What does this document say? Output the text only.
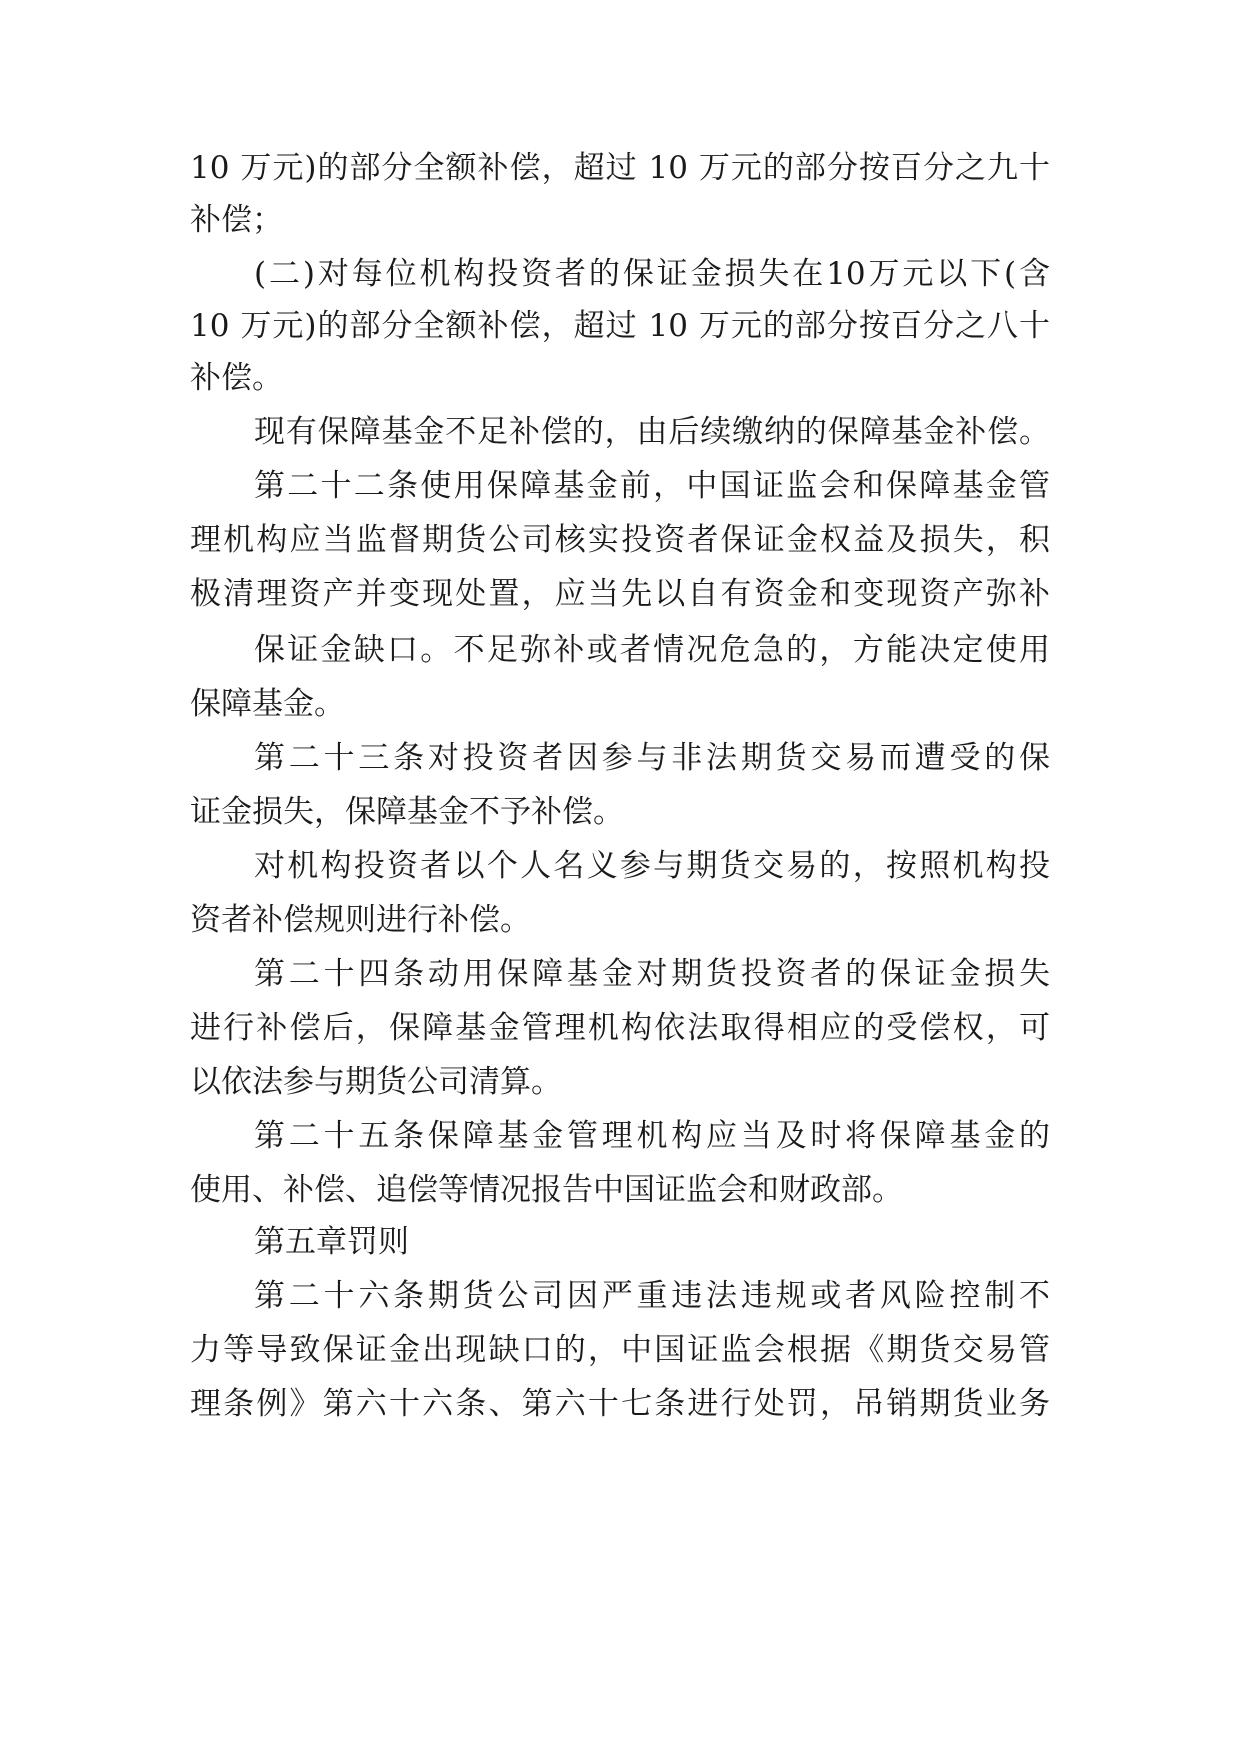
10 万元)的部分全额补偿，超过 10 万元的部分按百分之九十
补偿；
(二)对每位机构投资者的保证金损失在10万元以下(含
10 万元)的部分全额补偿，超过 10 万元的部分按百分之八十
补偿。
现有保障基金不足补偿的，由后续缴纳的保障基金补偿。
第二十二条使用保障基金前，中国证监会和保障基金管
理机构应当监督期货公司核实投资者保证金权益及损失，积
极清理资产并变现处置，应当先以自有资金和变现资产弥补
保证金缺口。不足弥补或者情况危急的，方能决定使用
保障基金。
第二十三条对投资者因参与非法期货交易而遭受的保
证金损失，保障基金不予补偿。
对机构投资者以个人名义参与期货交易的，按照机构投
资者补偿规则进行补偿。
第二十四条动用保障基金对期货投资者的保证金损失
进行补偿后，保障基金管理机构依法取得相应的受偿权，可
以依法参与期货公司清算。
第二十五条保障基金管理机构应当及时将保障基金的
使用、补偿、追偿等情况报告中国证监会和财政部。
第五章罚则
第二十六条期货公司因严重违法违规或者风险控制不
力等导致保证金出现缺口的，中国证监会根据《期货交易管
理条例》第六十六条、第六十七条进行处罚，吊销期货业务
